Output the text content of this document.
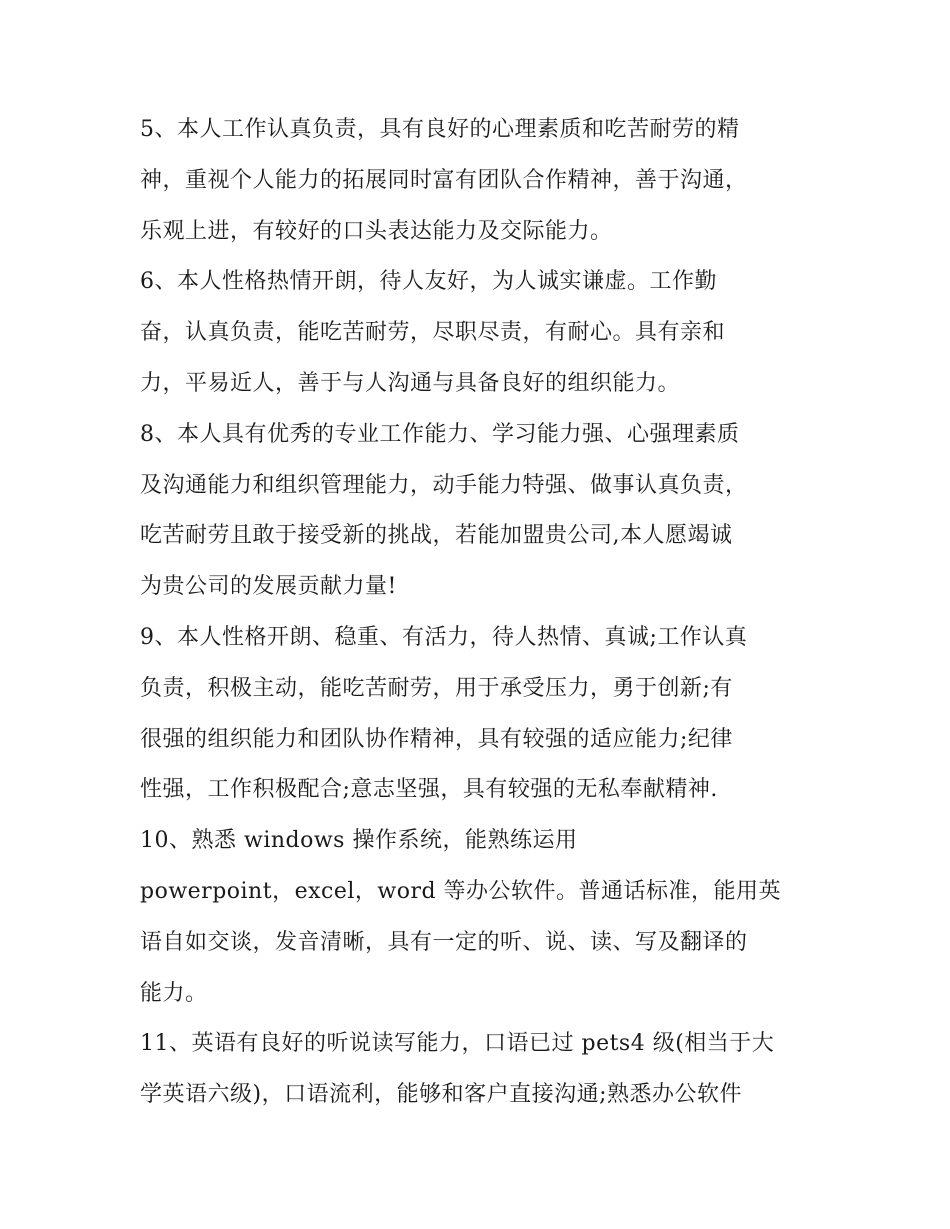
5、本人工作认真负责，具有良好的心理素质和吃苦耐劳的精
神，重视个人能力的拓展同时富有团队合作精神，善于沟通，
乐观上进，有较好的口头表达能力及交际能力。
6、本人性格热情开朗，待人友好，为人诚实谦虚。工作勤
奋，认真负责，能吃苦耐劳，尽职尽责，有耐心。具有亲和
力，平易近人，善于与人沟通与具备良好的组织能力。
8、本人具有优秀的专业工作能力、学习能力强、心强理素质
及沟通能力和组织管理能力，动手能力特强、做事认真负责，
吃苦耐劳且敢于接受新的挑战，若能加盟贵公司,本人愿竭诚
为贵公司的发展贡献力量!
9、本人性格开朗、稳重、有活力，待人热情、真诚;工作认真
负责，积极主动，能吃苦耐劳，用于承受压力，勇于创新;有
很强的组织能力和团队协作精神，具有较强的适应能力;纪律
性强，工作积极配合;意志坚强，具有较强的无私奉献精神.
10、熟悉 windows 操作系统，能熟练运用
powerpoint，excel，word 等办公软件。普通话标准，能用英
语自如交谈，发音清晰，具有一定的听、说、读、写及翻译的
能力。
11、英语有良好的听说读写能力，口语已过 pets4 级(相当于大
学英语六级)，口语流利，能够和客户直接沟通;熟悉办公软件
